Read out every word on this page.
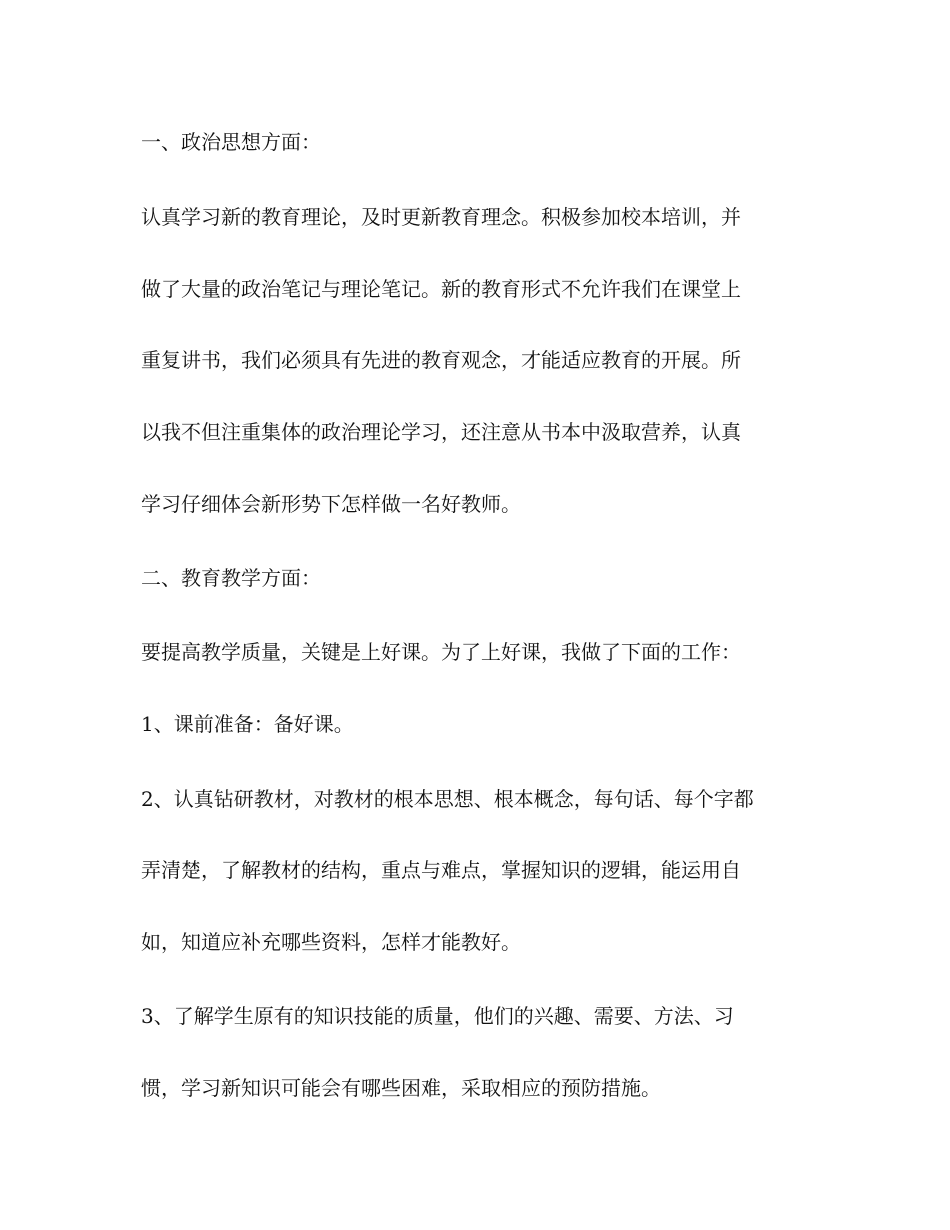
一、政治思想方面：

认真学习新的教育理论，及时更新教育理念。积极参加校本培训，并

做了大量的政治笔记与理论笔记。新的教育形式不允许我们在课堂上

重复讲书，我们必须具有先进的教育观念，才能适应教育的开展。所

以我不但注重集体的政治理论学习，还注意从书本中汲取营养，认真

学习仔细体会新形势下怎样做一名好教师。

二、教育教学方面：

要提高教学质量，关键是上好课。为了上好课，我做了下面的工作：

1、课前准备：备好课。

2、认真钻研教材，对教材的根本思想、根本概念，每句话、每个字都

弄清楚，了解教材的结构，重点与难点，掌握知识的逻辑，能运用自

如，知道应补充哪些资料，怎样才能教好。

3、了解学生原有的知识技能的质量，他们的兴趣、需要、方法、习

惯，学习新知识可能会有哪些困难，采取相应的预防措施。
